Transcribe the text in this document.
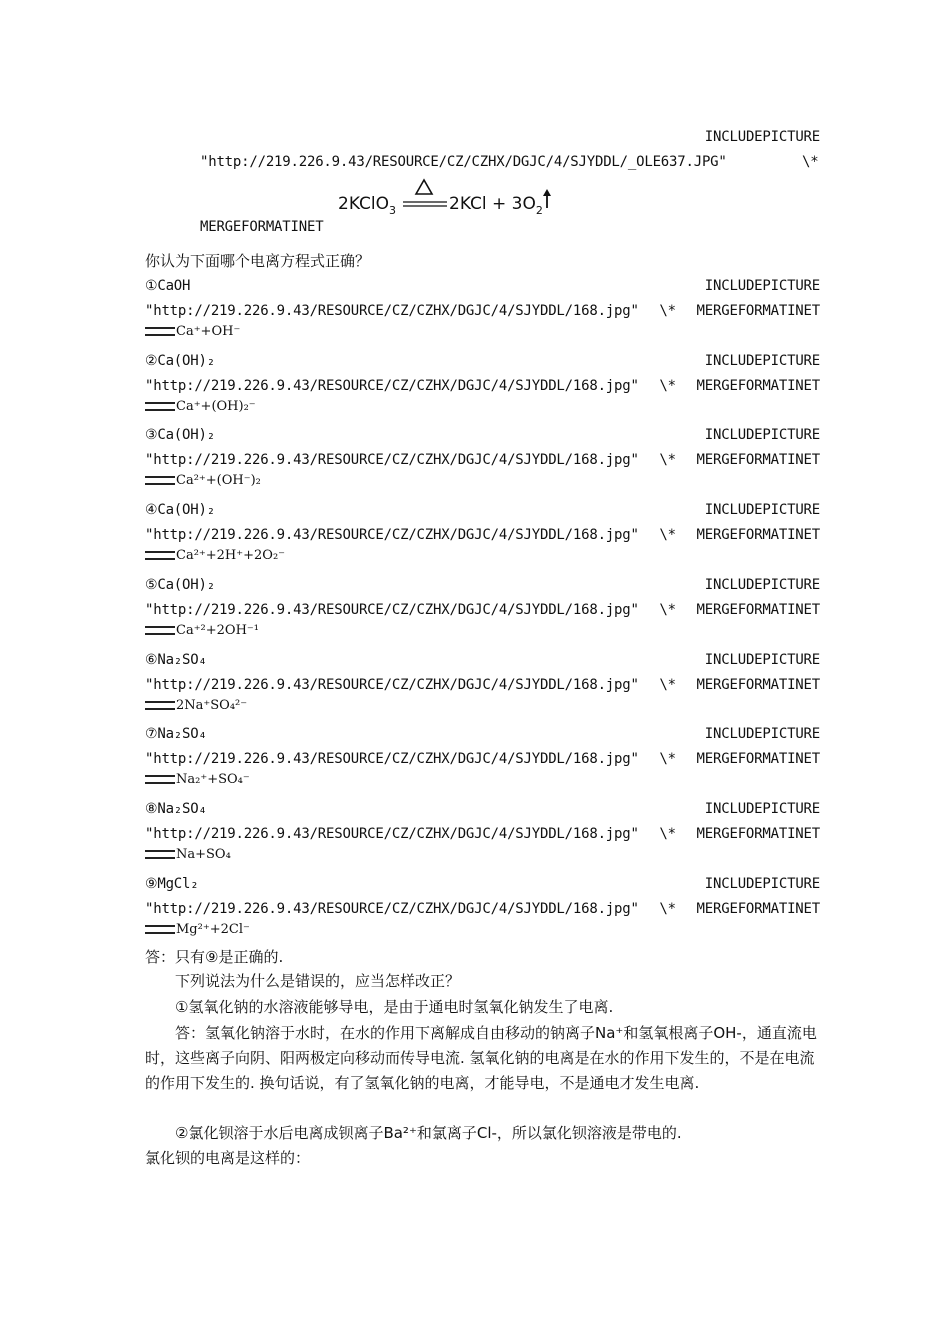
INCLUDEPICTURE
"http://219.226.9.43/RESOURCE/CZ/CZHX/DGJC/4/SJYDDL/_OLE637.JPG"	\*
2KClO$_3$	$2KCl + 3O_2$
MERGEFORMATINET
你认为下面哪个电离方程式正确？
①CaOH	INCLUDEPICTURE
"http://219.226.9.43/RESOURCE/CZ/CZHX/DGJC/4/SJYDDL/168.jpg" \* MERGEFORMATINET
Ca⁺+OH⁻
②Ca(OH)₂	INCLUDEPICTURE
"http://219.226.9.43/RESOURCE/CZ/CZHX/DGJC/4/SJYDDL/168.jpg" \* MERGEFORMATINET
Ca⁺+(OH)₂⁻
③Ca(OH)₂	INCLUDEPICTURE
"http://219.226.9.43/RESOURCE/CZ/CZHX/DGJC/4/SJYDDL/168.jpg" \* MERGEFORMATINET
Ca²⁺+(OH⁻)₂
④Ca(OH)₂	INCLUDEPICTURE
"http://219.226.9.43/RESOURCE/CZ/CZHX/DGJC/4/SJYDDL/168.jpg" \* MERGEFORMATINET
Ca²⁺+2H⁺+2O₂⁻
⑤Ca(OH)₂	INCLUDEPICTURE
"http://219.226.9.43/RESOURCE/CZ/CZHX/DGJC/4/SJYDDL/168.jpg" \* MERGEFORMATINET
Ca⁺²+2OH⁻¹
⑥Na₂SO₄	INCLUDEPICTURE
"http://219.226.9.43/RESOURCE/CZ/CZHX/DGJC/4/SJYDDL/168.jpg" \* MERGEFORMATINET
2Na⁺SO₄²⁻
⑦Na₂SO₄	INCLUDEPICTURE
"http://219.226.9.43/RESOURCE/CZ/CZHX/DGJC/4/SJYDDL/168.jpg" \* MERGEFORMATINET
Na₂⁺+SO₄⁻
⑧Na₂SO₄	INCLUDEPICTURE
"http://219.226.9.43/RESOURCE/CZ/CZHX/DGJC/4/SJYDDL/168.jpg" \* MERGEFORMATINET
Na+SO₄
⑨MgCl₂	INCLUDEPICTURE
"http://219.226.9.43/RESOURCE/CZ/CZHX/DGJC/4/SJYDDL/168.jpg" \* MERGEFORMATINET
Mg²⁺+2Cl⁻
答：只有⑨是正确的.
下列说法为什么是错误的，应当怎样改正？
①氢氧化钠的水溶液能够导电，是由于通电时氢氧化钠发生了电离.
答：氢氧化钠溶于水时，在水的作用下离解成自由移动的钠离子Na⁺和氢氧根离子OH-，通直流电时，这些离子向阴、阳两极定向移动而传导电流. 氢氧化钠的电离是在水的作用下发生的，不是在电流的作用下发生的. 换句话说，有了氢氧化钠的电离，才能导电，不是通电才发生电离.
②氯化钡溶于水后电离成钡离子Ba²⁺和氯离子Cl-，所以氯化钡溶液是带电的.
氯化钡的电离是这样的：
